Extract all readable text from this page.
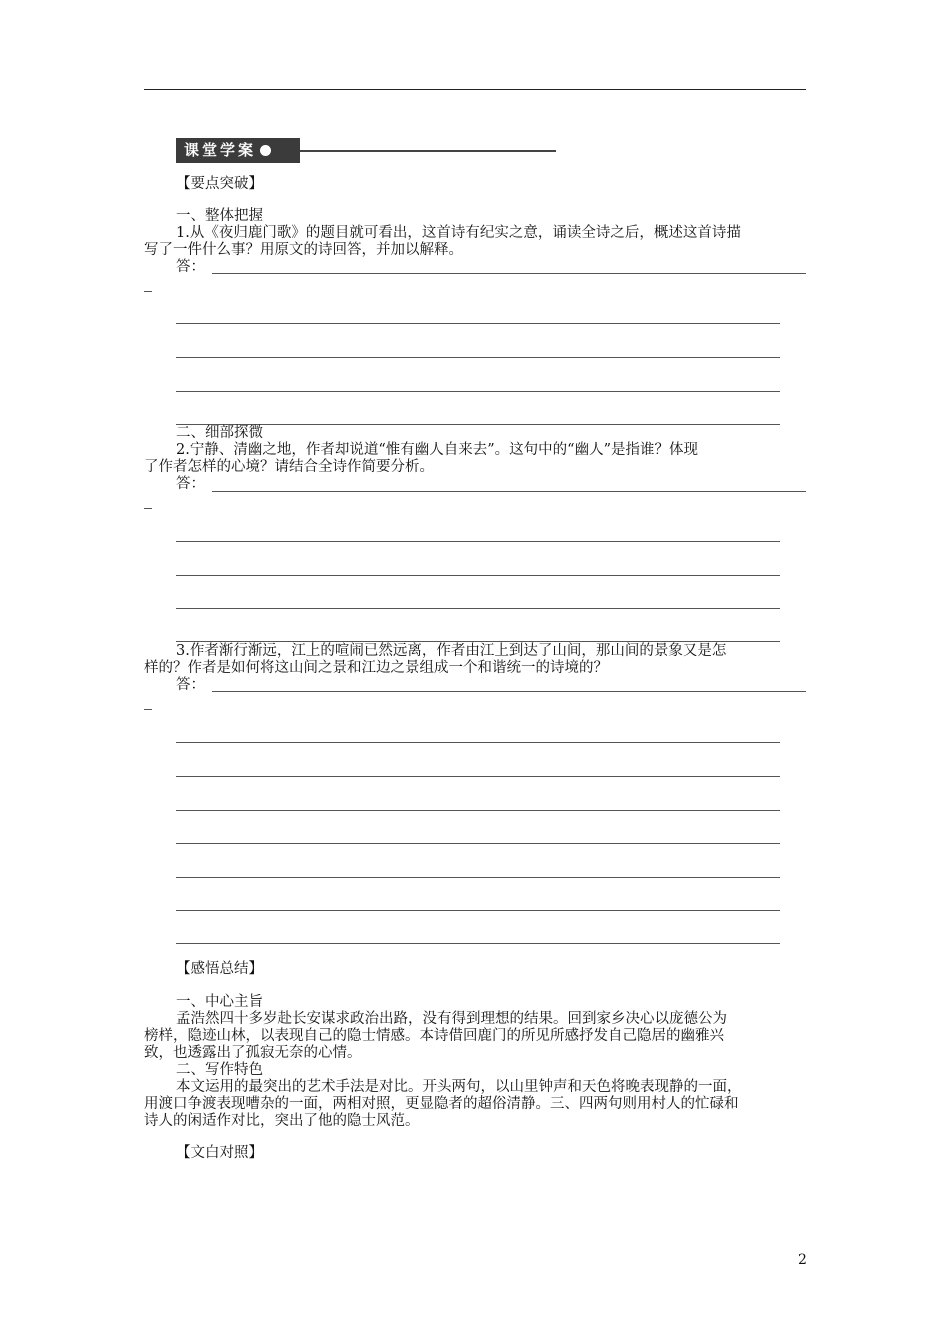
课堂学案
【要点突破】
一、整体把握
1.从《夜归鹿门歌》的题目就可看出，这首诗有纪实之意，诵读全诗之后，概述这首诗描
写了一件什么事？用原文的诗回答，并加以解释。
答：
二、细部探微
2.宁静、清幽之地，作者却说道“惟有幽人自来去”。这句中的“幽人”是指谁？体现
了作者怎样的心境？请结合全诗作简要分析。
答：
3.作者渐行渐远，江上的喧闹已然远离，作者由江上到达了山间，那山间的景象又是怎
样的？作者是如何将这山间之景和江边之景组成一个和谐统一的诗境的？
答：
【感悟总结】
一、中心主旨
孟浩然四十多岁赴长安谋求政治出路，没有得到理想的结果。回到家乡决心以庞德公为
榜样，隐迹山林，以表现自己的隐士情感。本诗借回鹿门的所见所感抒发自己隐居的幽雅兴
致，也透露出了孤寂无奈的心情。
二、写作特色
本文运用的最突出的艺术手法是对比。开头两句，以山里钟声和天色将晚表现静的一面，
用渡口争渡表现嘈杂的一面，两相对照，更显隐者的超俗清静。三、四两句则用村人的忙碌和
诗人的闲适作对比，突出了他的隐士风范。
【文白对照】
2
